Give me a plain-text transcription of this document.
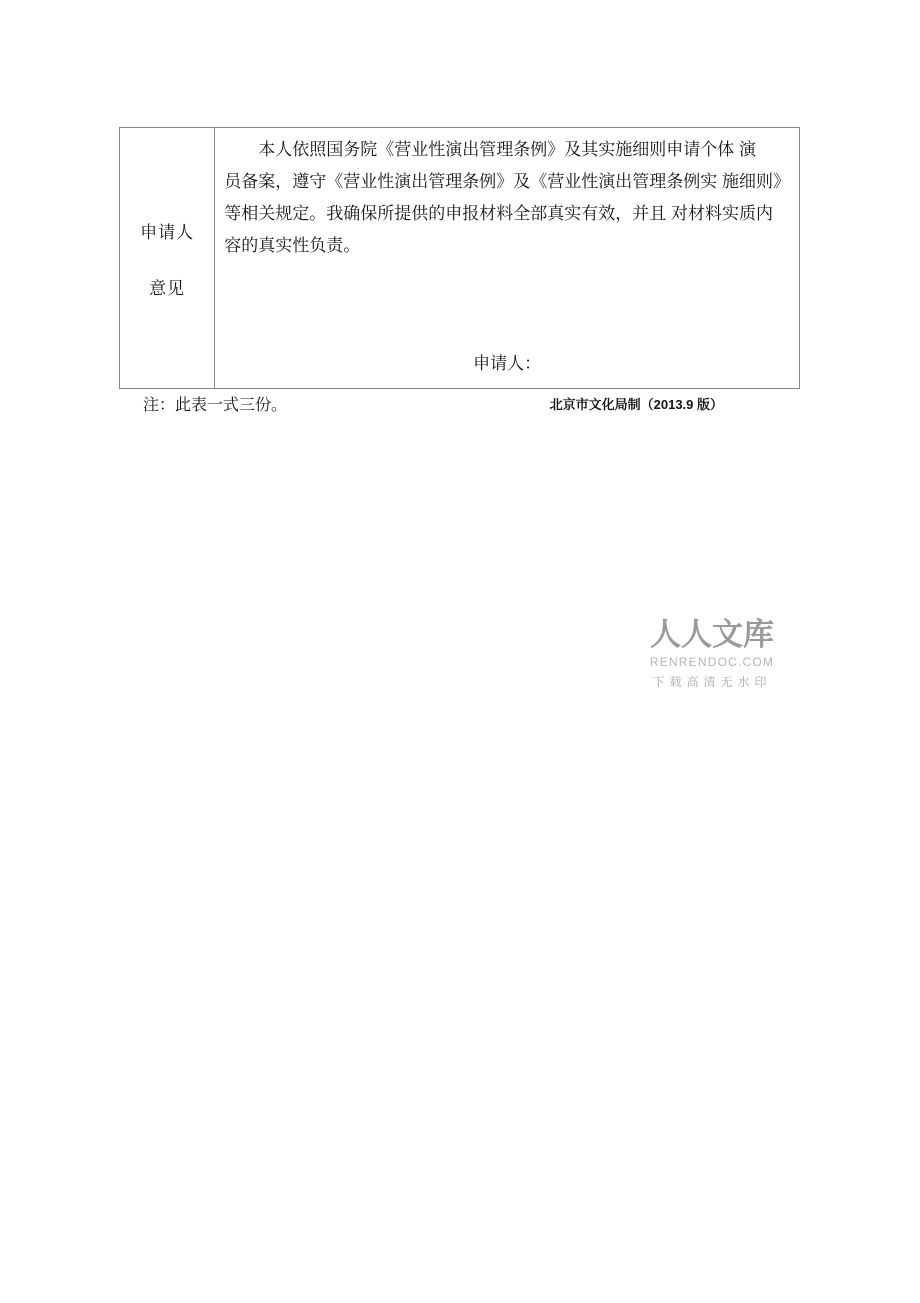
申请人
意见
本人依照国务院《营业性演出管理条例》及其实施细则申请个体 演
员备案，遵守《营业性演出管理条例》及《营业性演出管理条例实 施细则》
等相关规定。我确保所提供的申报材料全部真实有效，并且 对材料实质内
容的真实性负责。
申请人：
注：此表一式三份。	北京市文化局制（2013.9 版）
人人文库
RENRENDOC.COM
下载高清无水印
